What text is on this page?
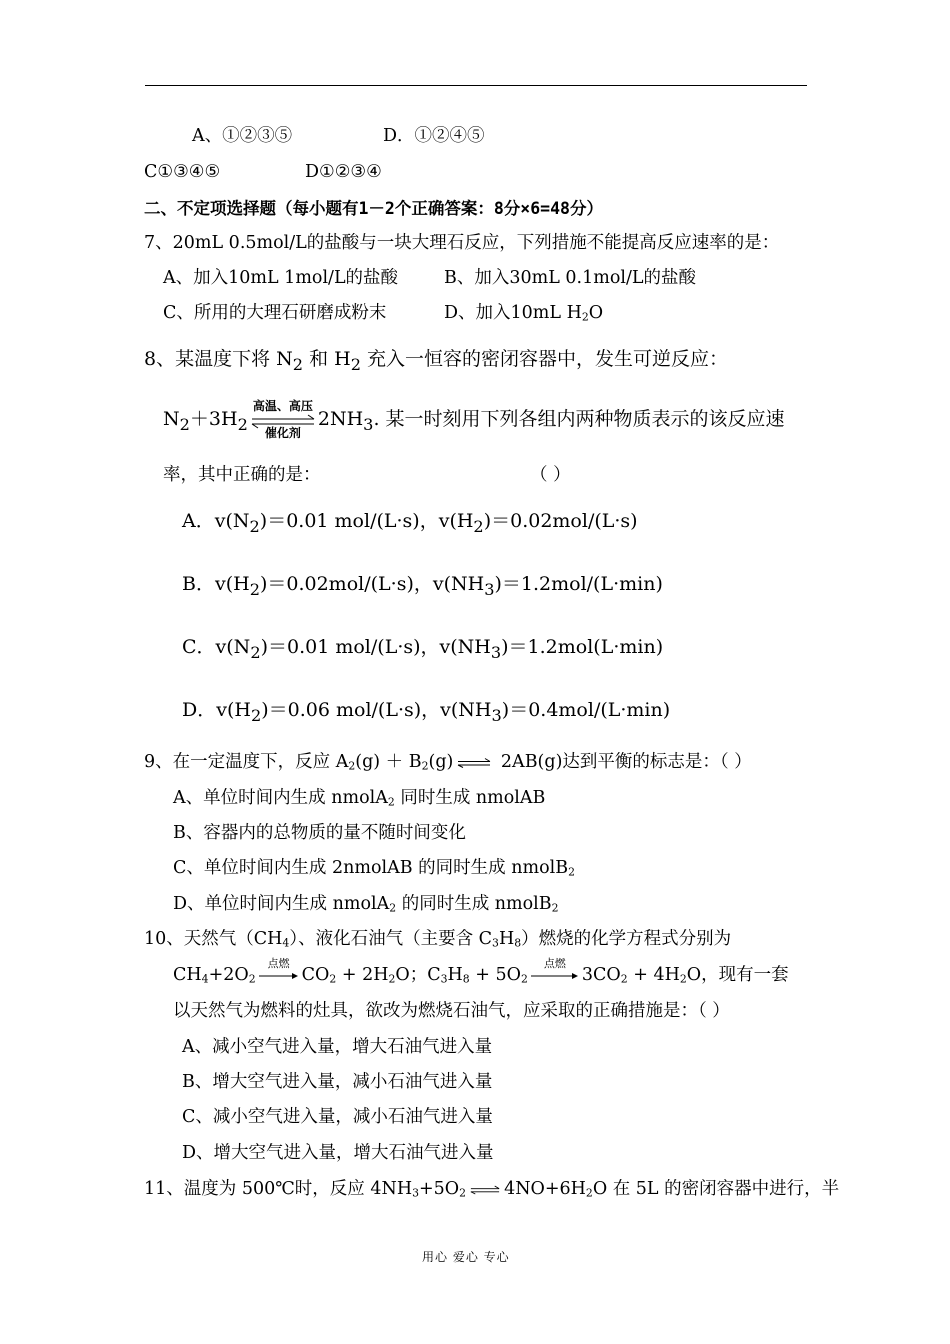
A、①②③⑤	D．①②④⑤
C①③④⑤	D①②③④
二、不定项选择题（每小题有1－2个正确答案：8分×6=48分）
7、20mL 0.5mol/L的盐酸与一块大理石反应，下列措施不能提高反应速率的是：
A、加入10mL 1mol/L的盐酸	B、加入30mL 0.1mol/L的盐酸
C、所用的大理石研磨成粉末	D、加入10mL $H_2O$
8、某温度下将 $N_2$ 和 $H_2$ 充入一恒容的密闭容器中，发生可逆反应：
$N_2+3H_2$
高温、高压
催化剂
$2NH_3$. 某一时刻用下列各组内两种物质表示的该反应速
率，其中正确的是：	（ ）
A．$v(N_2)=0.01$ mol/(L·s)，$v(H_2)=0.02mol/(L\cdot s)$
B．$v(H_2)=0.02mol/(L\cdot s)$，$v(NH_3)=1.2mol/(L\cdot\min)$
C．$v(N_2)=0.01$ mol/(L·s)，$v(NH_3)=1.2mol(L\cdot\min)$
D．$v(H_2)=0.06$ mol/(L·s)，$v(NH_3)=0.4mol/(L\cdot\min)$
9、在一定温度下，反应 $A_2(g) + B_2(g)$ ⇌ 2AB(g)达到平衡的标志是：（ ）
A、单位时间内生成 nmolA$_2$ 同时生成 nmolAB
B、容器内的总物质的量不随时间变化
C、单位时间内生成 2nmolAB 的同时生成 nmolB$_2$
D、单位时间内生成 nmolA$_2$ 的同时生成 nmolB$_2$
10、天然气$(CH_4)$、液化石油气（主要含 $C_3H_8$）燃烧的化学方程式分别为
$CH_4+2O_2$
点燃
$CO_2 + 2H_2O$；$C_3H_8 + 5O_2$
点燃
$3CO_2 + 4H_2O$，现有一套
以天然气为燃料的灶具，欲改为燃烧石油气，应采取的正确措施是：（ ）
A、减小空气进入量，增大石油气进入量
B、增大空气进入量，减小石油气进入量
C、减小空气进入量，减小石油气进入量
D、增大空气进入量，增大石油气进入量
11、温度为 500℃时，反应 $4NH_3+5O_2$ $4NO+6H_2O$ 在 5L 的密闭容器中进行，半
用心 爱心 专心
